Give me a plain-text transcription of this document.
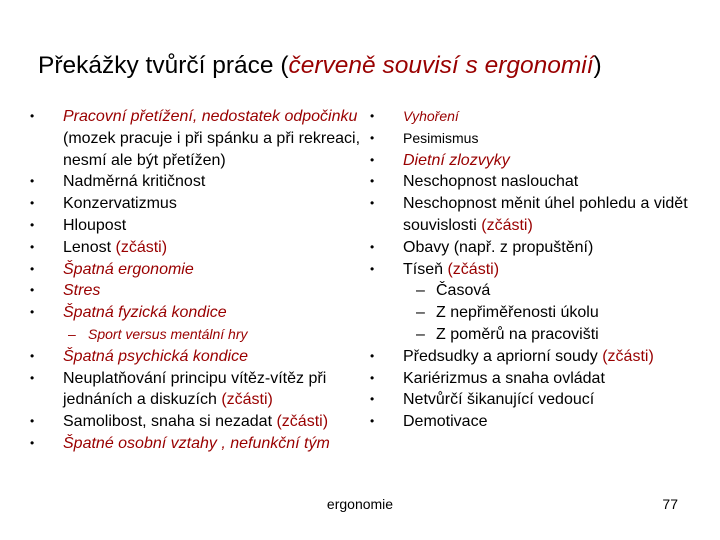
Překážky tvůrčí práce (červeně souvisí s ergonomií)
•	Pracovní přetížení, nedostatek odpočinku (mozek pracuje i při spánku a při rekreaci, nesmí ale být přetížen)
•	Nadměrná kritičnost
•	Konzervatizmus
•	Hloupost
•	Lenost (zčásti)
•	Špatná ergonomie
•	Stres
•	Špatná fyzická kondice
– Sport versus mentální hry
•	Špatná psychická kondice
•	Neuplatňování principu vítěz-vítěz při jednáních a diskuzích (zčásti)
•	Samolibost, snaha si nezadat (zčásti)
•	Špatné osobní vztahy , nefunkční tým
•	Vyhoření
•	Pesimismus
•	Dietní zlozvyky
•	Neschopnost naslouchat
•	Neschopnost měnit úhel pohledu a vidět souvislosti (zčásti)
•	Obavy (např. z propuštění)
•	Tíseň (zčásti)
– Časová
– Z nepřiměřenosti úkolu
– Z poměrů na pracovišti
•	Předsudky a apriorní soudy (zčásti)
•	Kariérizmus a snaha ovládat
•	Netvůrčí šikanující vedoucí
•	Demotivace
ergonomie	77
